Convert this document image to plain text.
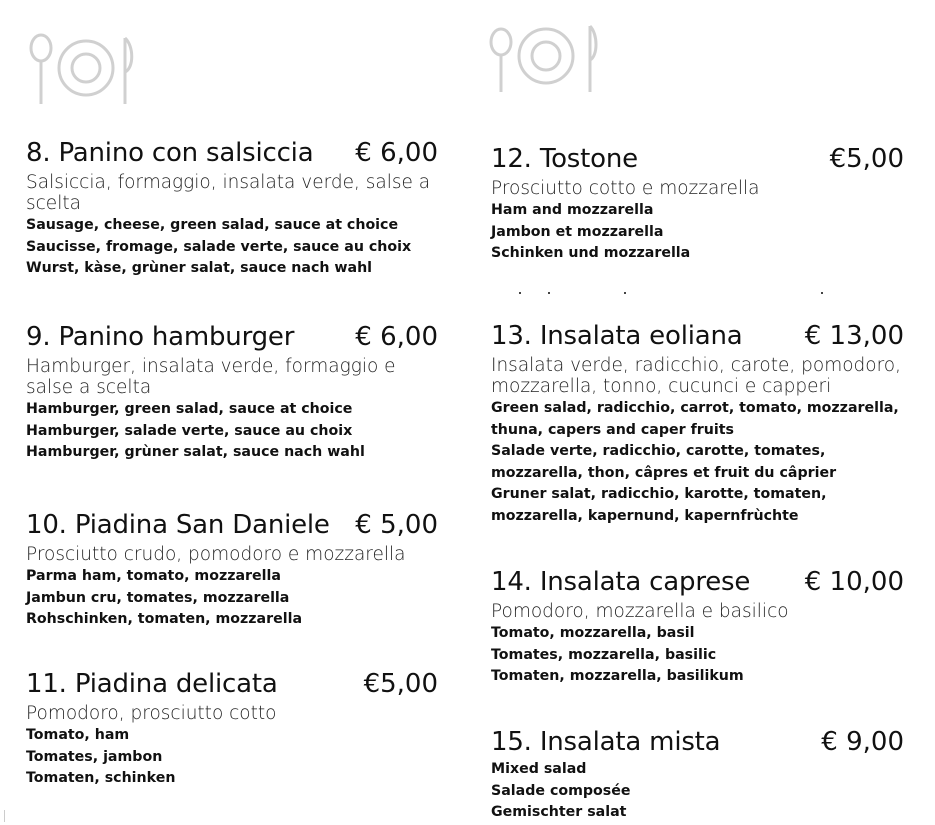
8. Panino con salsiccia € 6,00
Salsiccia, formaggio, insalata verde, salse a scelta
Sausage, cheese, green salad, sauce at choice
Saucisse, fromage, salade verte, sauce au choix
Wurst, kàse, grùner salat, sauce nach wahl
9. Panino hamburger € 6,00
Hamburger, insalata verde, formaggio e salse a scelta
Hamburger, green salad, sauce at choice
Hamburger, salade verte, sauce au choix
Hamburger, grùner salat, sauce nach wahl
10. Piadina San Daniele € 5,00
Prosciutto crudo, pomodoro e mozzarella
Parma ham, tomato, mozzarella
Jambun cru, tomates, mozzarella
Rohschinken, tomaten, mozzarella
11. Piadina delicata	€5,00
Pomodoro, prosciutto cotto
Tomato, ham
Tomates, jambon
Tomaten, schinken
12. Tostone	€5,00
Prosciutto cotto e mozzarella
Ham and mozzarella
Jambon et mozzarella
Schinken und mozzarella
13. Insalata eoliana € 13,00
Insalata verde, radicchio, carote, pomodoro, mozzarella, tonno, cucunci e capperi
Green salad, radicchio, carrot, tomato, mozzarella, thuna, capers and caper fruits
Salade verte, radicchio, carotte, tomates, mozzarella, thon, câpres et fruit du câprier
Gruner salat, radicchio, karotte, tomaten, mozzarella, kapernund, kapernfrùchte
14. Insalata caprese € 10,00
Pomodoro, mozzarella e basilico
Tomato, mozzarella, basil
Tomates, mozzarella, basilic
Tomaten, mozzarella, basilikum
15. Insalata mista	€ 9,00
Mixed salad
Salade composée
Gemischter salat
